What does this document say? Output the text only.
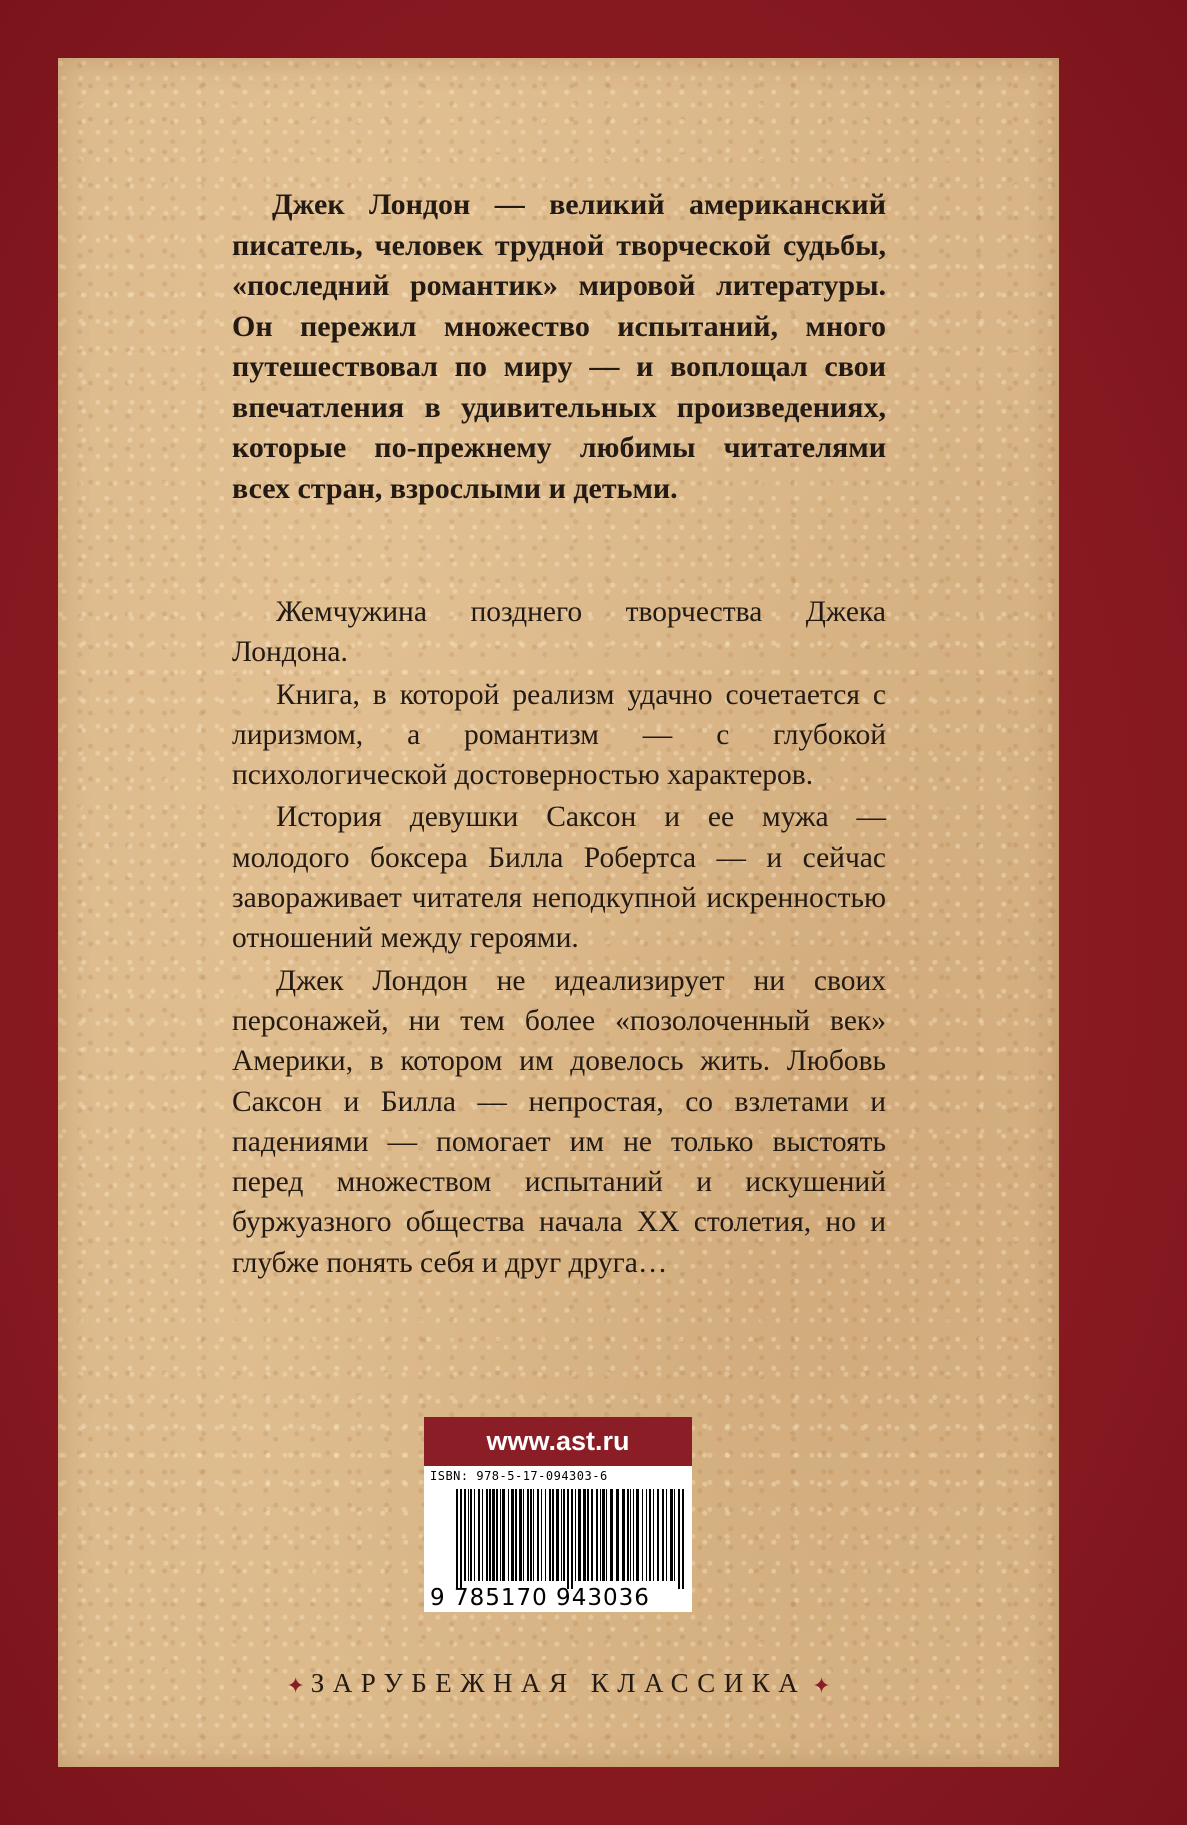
Джек Лондон — великий американский писатель, человек трудной творческой судьбы, «последний романтик» мировой литературы. Он пережил множество испытаний, много путешествовал по миру — и воплощал свои впечатления в удивительных произведениях, которые по-прежнему любимы читателями всех стран, взрослыми и детьми.

Жемчужина позднего творчества Джека Лондона.

Книга, в которой реализм удачно сочетается с лиризмом, а романтизм — с глубокой психологической достоверностью характеров.

История девушки Саксон и ее мужа — молодого боксера Билла Робертса — и сейчас завораживает читателя неподкупной искренностью отношений между героями.

Джек Лондон не идеализирует ни своих персонажей, ни тем более «позолоченный век» Америки, в котором им довелось жить. Любовь Саксон и Билла — непростая, со взлетами и падениями — помогает им не только выстоять перед множеством испытаний и искушений буржуазного общества начала XX столетия, но и глубже понять себя и друг друга…

www.ast.ru
ISBN: 978-5-17-094303-6
9 785170 943036
✦ ЗАРУБЕЖНАЯ КЛАССИКА ✦
